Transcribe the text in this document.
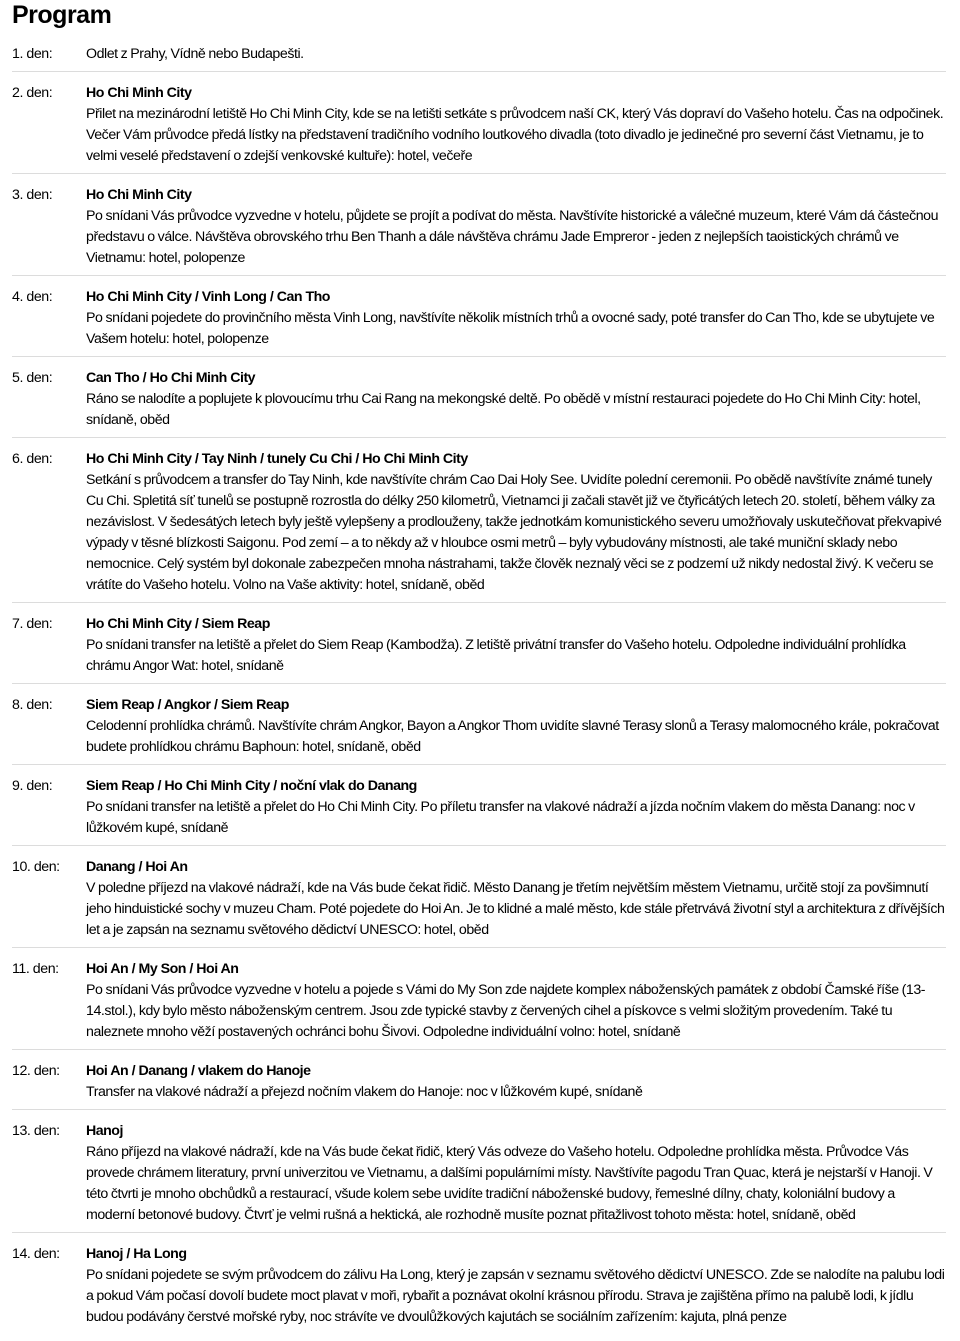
Program
1. den:	Odlet z Prahy, Vídně nebo Budapešti.
2. den:	Ho Chi Minh City
Přilet na mezinárodní letiště Ho Chi Minh City, kde se na letišti setkáte s průvodcem naší CK, který Vás dopraví do Vašeho hotelu. Čas na odpočinek. Večer Vám průvodce předá lístky na představení tradičního vodního loutkového divadla (toto divadlo je jedinečné pro severní část Vietnamu, je to velmi veselé představení o zdejší venkovské kultuře): hotel, večeře
3. den:	Ho Chi Minh City
Po snídani Vás průvodce vyzvedne v hotelu, půjdete se projít a podívat do města. Navštívíte historické a válečné muzeum, které Vám dá částečnou představu o válce. Návštěva obrovského trhu Ben Thanh a dále návštěva chrámu Jade Empreror - jeden z nejlepších taoistických chrámů ve Vietnamu: hotel, polopenze
4. den:	Ho Chi Minh City / Vinh Long / Can Tho
Po snídani pojedete do provinčního města Vinh Long, navštívíte několik místních trhů a ovocné sady, poté transfer do Can Tho, kde se ubytujete ve Vašem hotelu: hotel, polopenze
5. den:	Can Tho / Ho Chi Minh City
Ráno se nalodíte a poplujete k plovoucímu trhu Cai Rang na mekongské deltě. Po obědě v místní restauraci pojedete do Ho Chi Minh City: hotel, snídaně, oběd
6. den:	Ho Chi Minh City / Tay Ninh / tunely Cu Chi / Ho Chi Minh City
Setkání s průvodcem a transfer do Tay Ninh, kde navštívíte chrám Cao Dai Holy See. Uvidíte polední ceremonii. Po obědě navštívíte známé tunely Cu Chi. Spletitá síť tunelů se postupně rozrostla do délky 250 kilometrů, Vietnamci ji začali stavět již ve čtyřicátých letech 20. století, během války za nezávislost. V šedesátých letech byly ještě vylepšeny a prodlouženy, takže jednotkám komunistického severu umožňovaly uskutečňovat překvapivé výpady v těsné blízkosti Saigonu. Pod zemí – a to někdy až v hloubce osmi metrů – byly vybudovány místnosti, ale také muniční sklady nebo nemocnice. Celý systém byl dokonale zabezpečen mnoha nástrahami, takže člověk neznalý věci se z podzemí už nikdy nedostal živý. K večeru se vrátíte do Vašeho hotelu. Volno na Vaše aktivity: hotel, snídaně, oběd
7. den:	Ho Chi Minh City / Siem Reap
Po snídani transfer na letiště a přelet do Siem Reap (Kambodža). Z letiště privátní transfer do Vašeho hotelu. Odpoledne individuální prohlídka chrámu Angor Wat: hotel, snídaně
8. den:	Siem Reap / Angkor / Siem Reap
Celodenní prohlídka chrámů. Navštívíte chrám Angkor, Bayon a Angkor Thom uvidíte slavné Terasy slonů a Terasy malomocného krále, pokračovat budete prohlídkou chrámu Baphoun: hotel, snídaně, oběd
9. den:	Siem Reap / Ho Chi Minh City / noční vlak do Danang
Po snídani transfer na letiště a přelet do Ho Chi Minh City. Po příletu transfer na vlakové nádraží a jízda nočním vlakem do města Danang: noc v lůžkovém kupé, snídaně
10. den:	Danang / Hoi An
V poledne příjezd na vlakové nádraží, kde na Vás bude čekat řidič. Město Danang je třetím největším městem Vietnamu, určitě stojí za povšimnutí jeho hinduistické sochy v muzeu Cham. Poté pojedete do Hoi An. Je to klidné a malé město, kde stále přetrvává životní styl a architektura z dřívějších let a je zapsán na seznamu světového dědictví UNESCO: hotel, oběd
11. den:	Hoi An / My Son / Hoi An
Po snídani Vás průvodce vyzvedne v hotelu a pojede s Vámi do My Son zde najdete komplex náboženských památek z období Čamské říše (13-14.stol.), kdy bylo město náboženským centrem. Jsou zde typické stavby z červených cihel a pískovce s velmi složitým provedením. Také tu naleznete mnoho věží postavených ochránci bohu Šivovi. Odpoledne individuální volno: hotel, snídaně
12. den:	Hoi An / Danang / vlakem do Hanoje
Transfer na vlakové nádraží a přejezd nočním vlakem do Hanoje: noc v lůžkovém kupé, snídaně
13. den:	Hanoj
Ráno příjezd na vlakové nádraží, kde na Vás bude čekat řidič, který Vás odveze do Vašeho hotelu. Odpoledne prohlídka města. Průvodce Vás provede chrámem literatury, první univerzitou ve Vietnamu, a dalšími populárními místy. Navštívíte pagodu Tran Quac, která je nejstarší v Hanoji. V této čtvrti je mnoho obchůdků a restaurací, všude kolem sebe uvidíte tradiční náboženské budovy, řemeslné dílny, chaty, koloniální budovy a moderní betonové budovy. Čtvrť je velmi rušná a hektická, ale rozhodně musíte poznat přitažlivost tohoto města: hotel, snídaně, oběd
14. den:	Hanoj / Ha Long
Po snídani pojedete se svým průvodcem do zálivu Ha Long, který je zapsán v seznamu světového dědictví UNESCO. Zde se nalodíte na palubu lodi a pokud Vám počasí dovolí budete moct plavat v moři, rybařit a poznávat okolní krásnou přírodu. Strava je zajištěna přímo na palubě lodi, k jídlu budou podávány čerstvé mořské ryby, noc strávíte ve dvoulůžkových kajutách se sociálním zařízením: kajuta, plná penze
